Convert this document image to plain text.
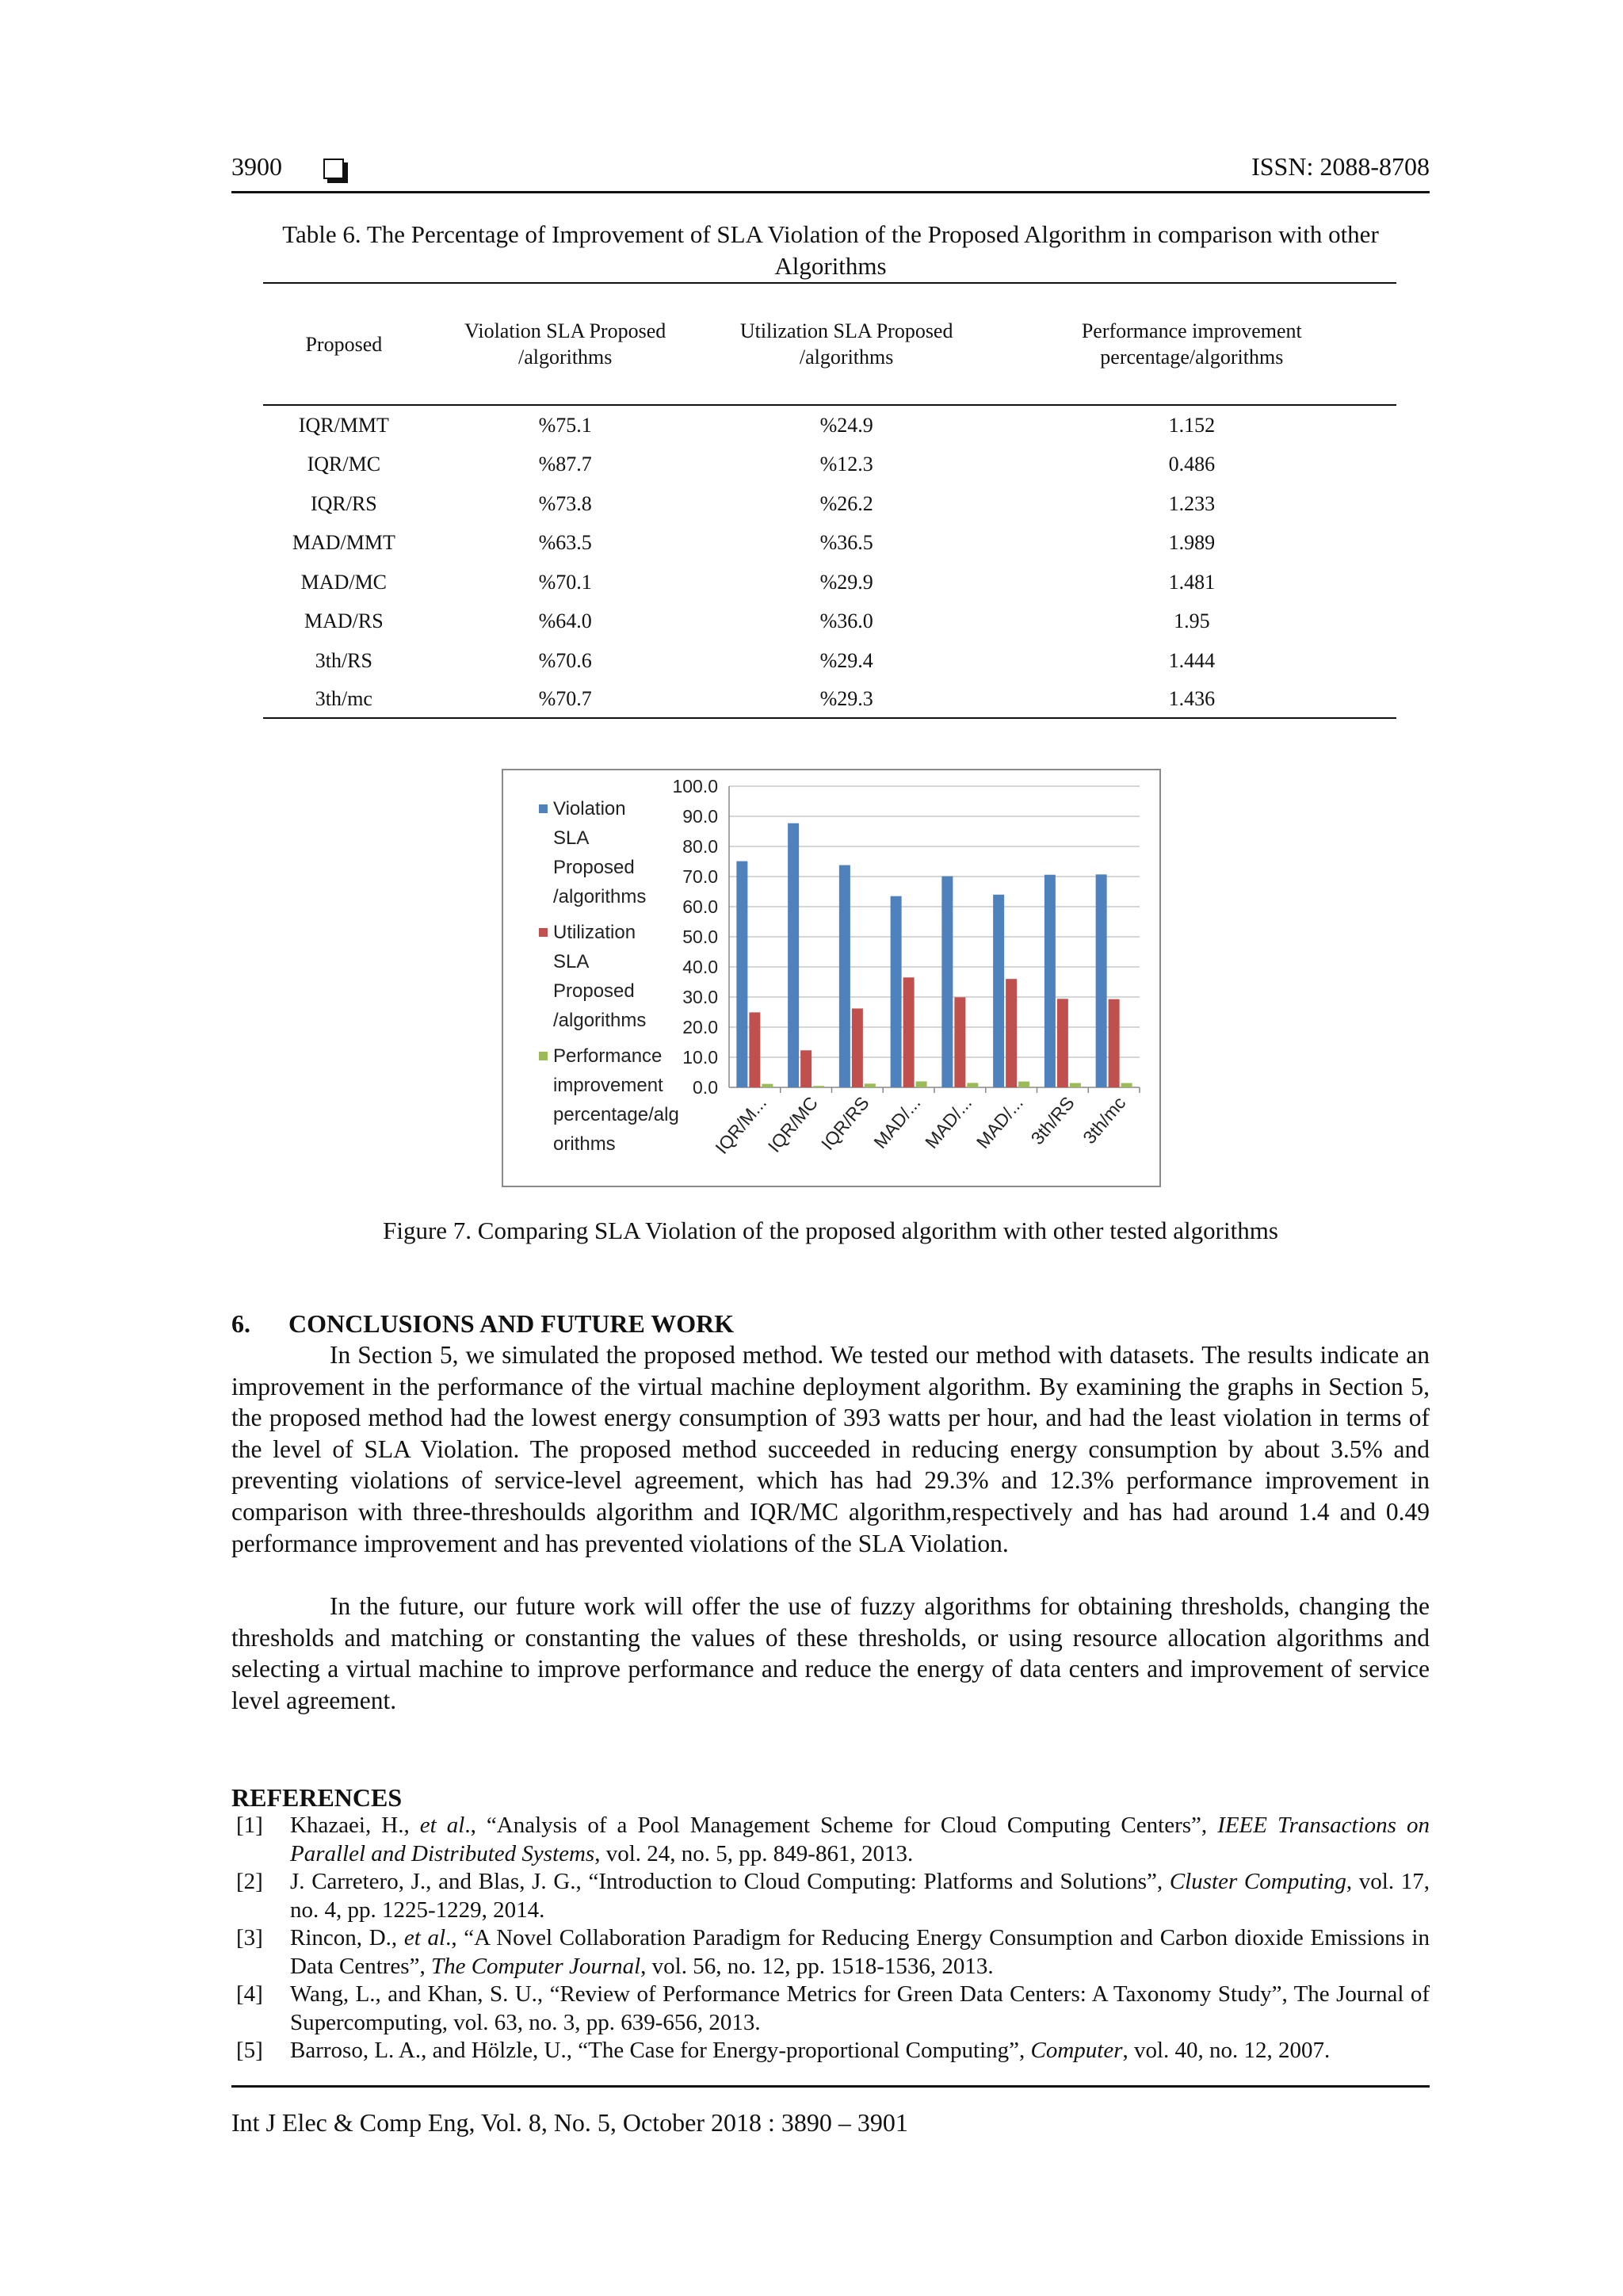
3900	ISSN: 2088-8708
Table 6. The Percentage of Improvement of SLA Violation of the Proposed Algorithm in comparison with other Algorithms
Proposed	Violation SLA Proposed /algorithms	Utilization SLA Proposed /algorithms	Performance improvement percentage/algorithms
IQR/MMT	%75.1	%24.9	1.152
IQR/MC	%87.7	%12.3	0.486
IQR/RS	%73.8	%26.2	1.233
MAD/MMT	%63.5	%36.5	1.989
MAD/MC	%70.1	%29.9	1.481
MAD/RS	%64.0	%36.0	1.95
3th/RS	%70.6	%29.4	1.444
3th/mc	%70.7	%29.3	1.436
Violation SLA
Proposed
/algorithms
Utilization SLA
Proposed
/algorithms
Performance
improvement
percentage/alg
orithms
0.0
10.0
20.0
30.0
40.0
50.0
60.0
70.0
80.0
90.0
100.0
IQR/M...
IQR/MC
IQR/RS
MAD/...
MAD/...
MAD/... 3th/RS 3th/mc
Figure 7. Comparing SLA Violation of the proposed algorithm with other tested algorithms
6. CONCLUSIONS AND FUTURE WORK
In Section 5, we simulated the proposed method. We tested our method with datasets. The results indicate an improvement in the performance of the virtual machine deployment algorithm. By examining the graphs in Section 5, the proposed method had the lowest energy consumption of 393 watts per hour, and had the least violation in terms of the level of SLA Violation. The proposed method succeeded in reducing energy consumption by about 3.5% and preventing violations of service-level agreement, which has had 29.3% and 12.3% performance improvement in comparison with three-threshoulds algorithm and IQR/MC algorithm,respectively and has had around 1.4 and 0.49 performance improvement and has prevented violations of the SLA Violation.
In the future, our future work will offer the use of fuzzy algorithms for obtaining thresholds, changing the thresholds and matching or constanting the values of these thresholds, or using resource allocation algorithms and selecting a virtual machine to improve performance and reduce the energy of data centers and improvement of service level agreement.
REFERENCES
[1] Khazaei, H., et al., “Analysis of a Pool Management Scheme for Cloud Computing Centers”, IEEE Transactions on Parallel and Distributed Systems, vol. 24, no. 5, pp. 849-861, 2013.
[2] J. Carretero, J., and Blas, J. G., “Introduction to Cloud Computing: Platforms and Solutions”, Cluster Computing, vol. 17, no. 4, pp. 1225-1229, 2014.
[3] Rincon, D., et al., “A Novel Collaboration Paradigm for Reducing Energy Consumption and Carbon dioxide Emissions in Data Centres”, The Computer Journal, vol. 56, no. 12, pp. 1518-1536, 2013.
[4] Wang, L., and Khan, S. U., “Review of Performance Metrics for Green Data Centers: A Taxonomy Study”, The Journal of Supercomputing, vol. 63, no. 3, pp. 639-656, 2013.
[5] Barroso, L. A., and Hölzle, U., “The Case for Energy-proportional Computing”, Computer, vol. 40, no. 12, 2007.
Int J Elec & Comp Eng, Vol. 8, No. 5, October 2018 : 3890 – 3901
